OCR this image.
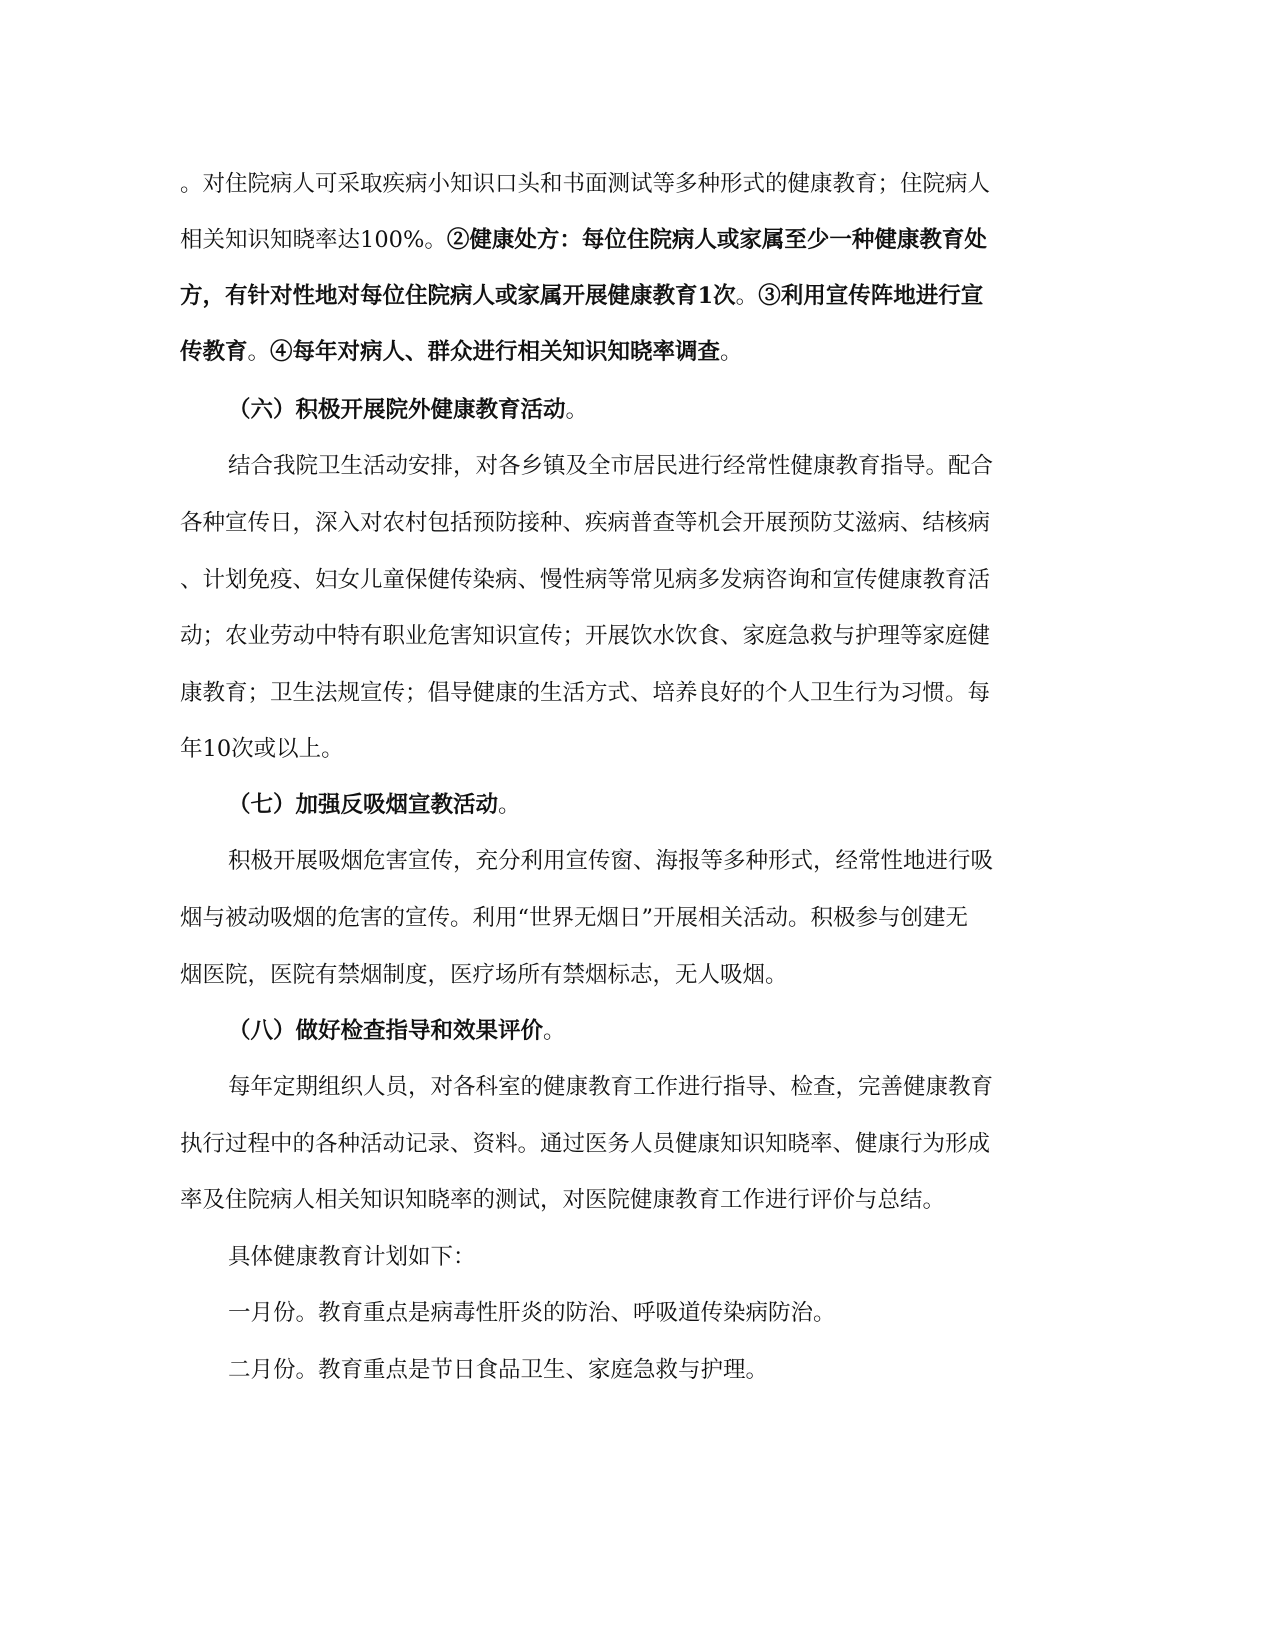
。对住院病人可采取疾病小知识口头和书面测试等多种形式的健康教育；住院病人
相关知识知晓率达100%。②健康处方：每位住院病人或家属至少一种健康教育处
方，有针对性地对每位住院病人或家属开展健康教育1次。③利用宣传阵地进行宣
传教育。④每年对病人、群众进行相关知识知晓率调查。
（六）积极开展院外健康教育活动。
结合我院卫生活动安排，对各乡镇及全市居民进行经常性健康教育指导。配合
各种宣传日，深入对农村包括预防接种、疾病普查等机会开展预防艾滋病、结核病
、计划免疫、妇女儿童保健传染病、慢性病等常见病多发病咨询和宣传健康教育活
动；农业劳动中特有职业危害知识宣传；开展饮水饮食、家庭急救与护理等家庭健
康教育；卫生法规宣传；倡导健康的生活方式、培养良好的个人卫生行为习惯。每
年10次或以上。
（七）加强反吸烟宣教活动。
积极开展吸烟危害宣传，充分利用宣传窗、海报等多种形式，经常性地进行吸
烟与被动吸烟的危害的宣传。利用“世界无烟日”开展相关活动。积极参与创建无
烟医院，医院有禁烟制度，医疗场所有禁烟标志，无人吸烟。
（八）做好检查指导和效果评价。
每年定期组织人员，对各科室的健康教育工作进行指导、检查，完善健康教育
执行过程中的各种活动记录、资料。通过医务人员健康知识知晓率、健康行为形成
率及住院病人相关知识知晓率的测试，对医院健康教育工作进行评价与总结。
具体健康教育计划如下：
一月份。教育重点是病毒性肝炎的防治、呼吸道传染病防治。
二月份。教育重点是节日食品卫生、家庭急救与护理。
